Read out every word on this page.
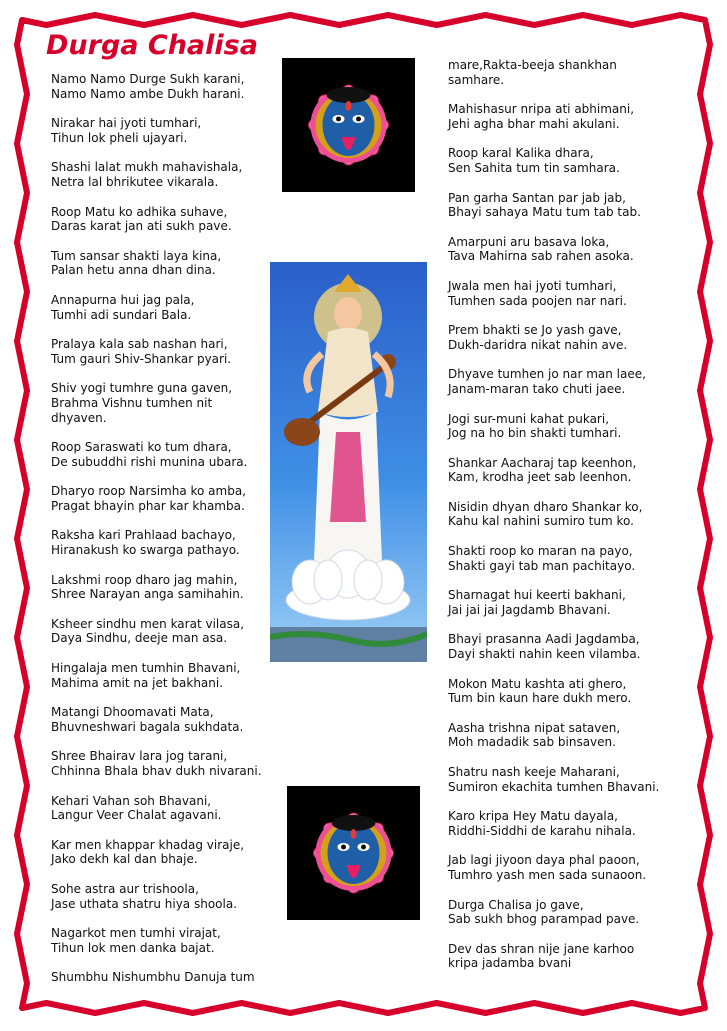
Durga Chalisa

Namo Namo Durge Sukh karani,
Namo Namo ambe Dukh harani.

Nirakar hai jyoti tumhari,
Tihun lok pheli ujayari.

Shashi lalat mukh mahavishala,
Netra lal bhrikutee vikarala.

Roop Matu ko adhika suhave,
Daras karat jan ati sukh pave.

Tum sansar shakti laya kina,
Palan hetu anna dhan dina.

Annapurna hui jag pala,
Tumhi adi sundari Bala.

Pralaya kala sab nashan hari,
Tum gauri Shiv-Shankar pyari.

Shiv yogi tumhre guna gaven,
Brahma Vishnu tumhen nit
dhyaven.

Roop Saraswati ko tum dhara,
De subuddhi rishi munina ubara.

Dharyo roop Narsimha ko amba,
Pragat bhayin phar kar khamba.

Raksha kari Prahlaad bachayo,
Hiranakush ko swarga pathayo.

Lakshmi roop dharo jag mahin,
Shree Narayan anga samihahin.

Ksheer sindhu men karat vilasa,
Daya Sindhu, deeje man asa.

Hingalaja men tumhin Bhavani,
Mahima amit na jet bakhani.

Matangi Dhoomavati Mata,
Bhuvneshwari bagala sukhdata.

Shree Bhairav lara jog tarani,
Chhinna Bhala bhav dukh nivarani.

Kehari Vahan soh Bhavani,
Langur Veer Chalat agavani.

Kar men khappar khadag viraje,
Jako dekh kal dan bhaje.

Sohe astra aur trishoola,
Jase uthata shatru hiya shoola.

Nagarkot men tumhi virajat,
Tihun lok men danka bajat.

Shumbhu Nishumbhu Danuja tum

mare,Rakta-beeja shankhan
samhare.

Mahishasur nripa ati abhimani,
Jehi agha bhar mahi akulani.

Roop karal Kalika dhara,
Sen Sahita tum tin samhara.

Pan garha Santan par jab jab,
Bhayi sahaya Matu tum tab tab.

Amarpuni aru basava loka,
Tava Mahirna sab rahen asoka.

Jwala men hai jyoti tumhari,
Tumhen sada poojen nar nari.

Prem bhakti se Jo yash gave,
Dukh-daridra nikat nahin ave.

Dhyave tumhen jo nar man laee,
Janam-maran tako chuti jaee.

Jogi sur-muni kahat pukari,
Jog na ho bin shakti tumhari.

Shankar Aacharaj tap keenhon,
Kam, krodha jeet sab leenhon.

Nisidin dhyan dharo Shankar ko,
Kahu kal nahini sumiro tum ko.

Shakti roop ko maran na payo,
Shakti gayi tab man pachitayo.

Sharnagat hui keerti bakhani,
Jai jai jai Jagdamb Bhavani.

Bhayi prasanna Aadi Jagdamba,
Dayi shakti nahin keen vilamba.

Mokon Matu kashta ati ghero,
Tum bin kaun hare dukh mero.

Aasha trishna nipat sataven,
Moh madadik sab binsaven.

Shatru nash keeje Maharani,
Sumiron ekachita tumhen Bhavani.

Karo kripa Hey Matu dayala,
Riddhi-Siddhi de karahu nihala.

Jab lagi jiyoon daya phal paoon,
Tumhro yash men sada sunaoon.

Durga Chalisa jo gave,
Sab sukh bhog parampad pave.

Dev das shran nije jane karhoo
kripa jadamba bvani
